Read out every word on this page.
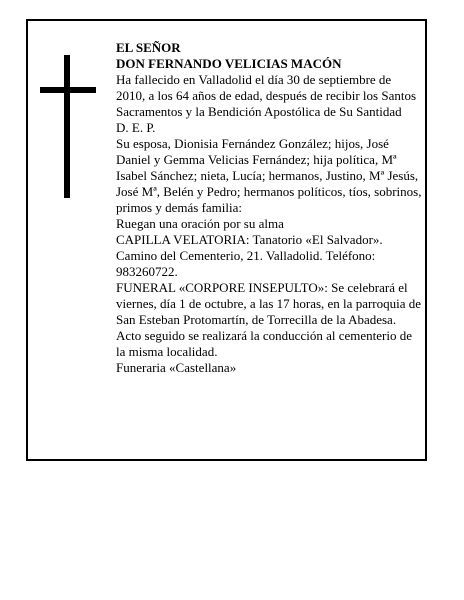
EL SEÑOR

DON FERNANDO VELICIAS MACÓN

Ha fallecido en Valladolid el día 30 de septiembre de 2010, a los 64 años de edad, después de recibir los Santos Sacramentos y la Bendición Apostólica de Su Santidad

D. E. P.

Su esposa, Dionisia Fernández González; hijos, José Daniel y Gemma Velicias Fernández; hija política, Mª Isabel Sánchez; nieta, Lucía; hermanos, Justino, Mª Jesús, José Mª, Belén y Pedro; hermanos políticos, tíos, sobrinos, primos y demás familia:

Ruegan una oración por su alma

CAPILLA VELATORIA: Tanatorio «El Salvador». Camino del Cementerio, 21. Valladolid. Teléfono: 983260722.

FUNERAL «CORPORE INSEPULTO»: Se celebrará el viernes, día 1 de octubre, a las 17 horas, en la parroquia de San Esteban Protomartín, de Torrecilla de la Abadesa. Acto seguido se realizará la conducción al cementerio de la misma localidad.

Funeraria «Castellana»
